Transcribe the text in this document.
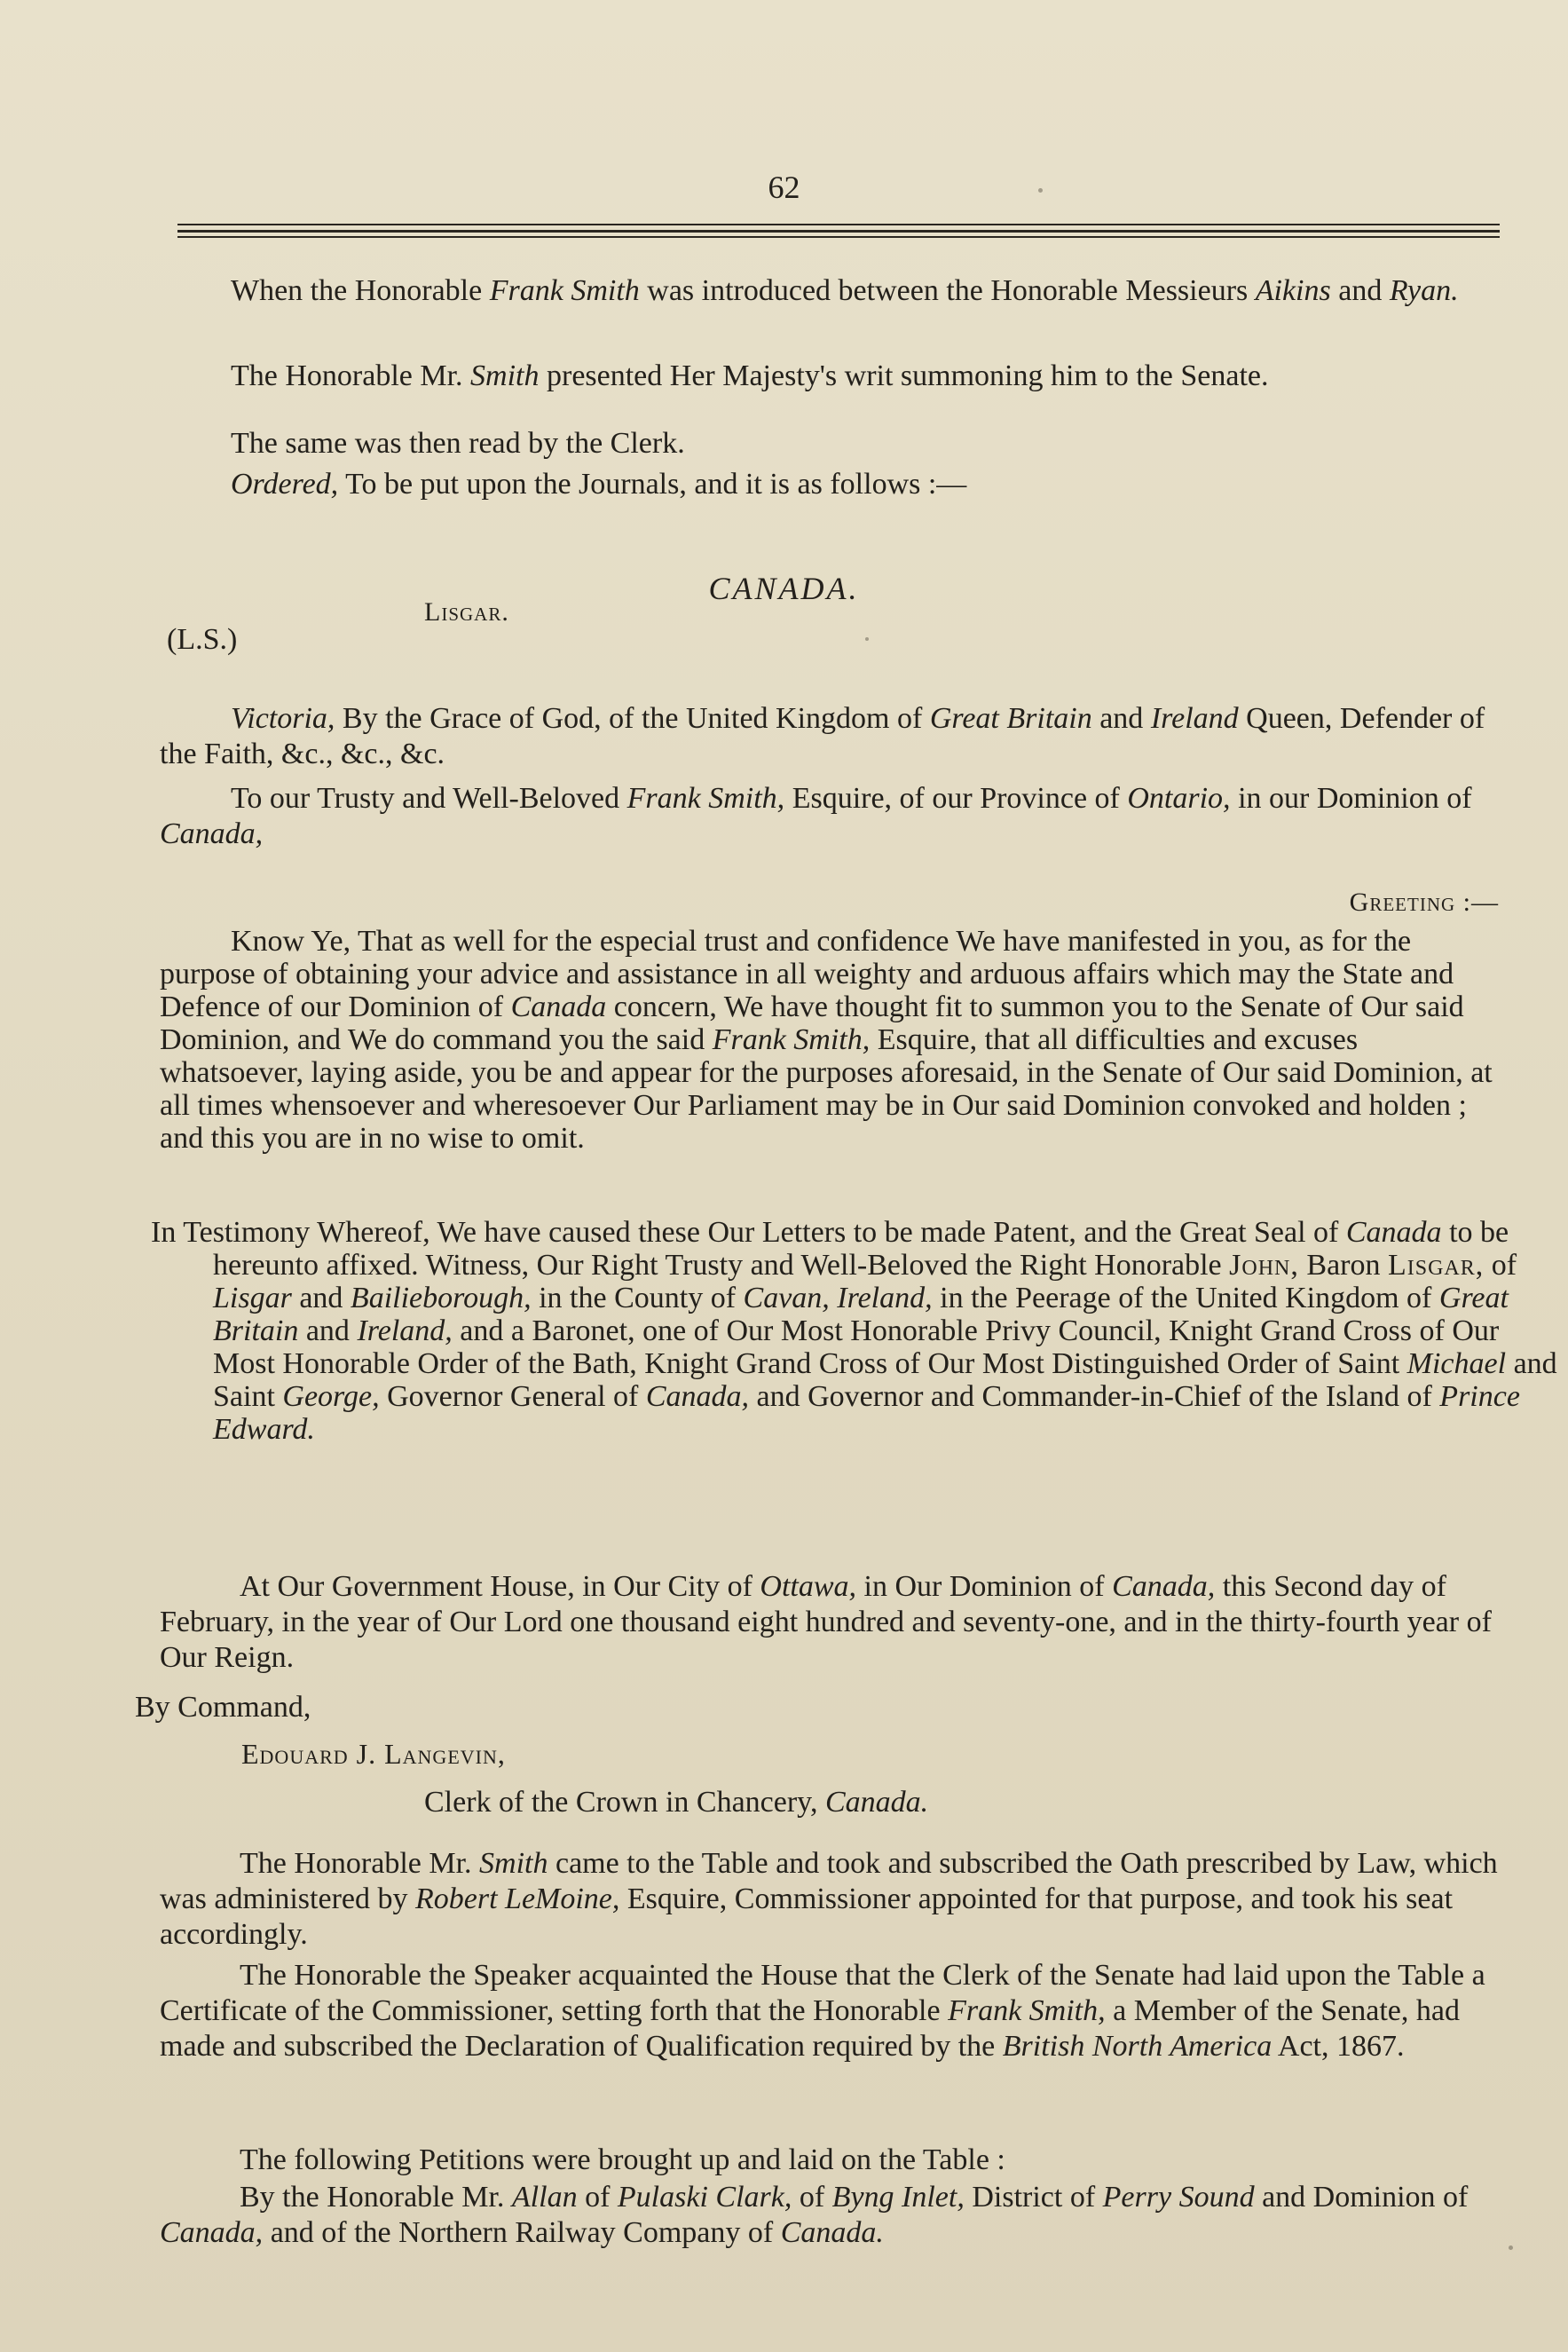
62

When the Honorable Frank Smith was introduced between the Honorable Messieurs Aikins and Ryan.

The Honorable Mr. Smith presented Her Majesty's writ summoning him to the Senate.

The same was then read by the Clerk.

Ordered, To be put upon the Journals, and it is as follows :—

CANADA.
Lisgar.
(L.S.)

Victoria, By the Grace of God, of the United Kingdom of Great Britain and Ireland Queen, Defender of the Faith, &c., &c., &c.

To our Trusty and Well-Beloved Frank Smith, Esquire, of our Province of Ontario, in our Dominion of Canada,

Greeting :—

Know Ye, That as well for the especial trust and confidence We have manifested in you, as for the purpose of obtaining your advice and assistance in all weighty and arduous affairs which may the State and Defence of our Dominion of Canada concern, We have thought fit to summon you to the Senate of Our said Dominion, and We do command you the said Frank Smith, Esquire, that all difficulties and excuses whatsoever, laying aside, you be and appear for the purposes aforesaid, in the Senate of Our said Dominion, at all times whensoever and wheresoever Our Parliament may be in Our said Dominion convoked and holden ; and this you are in no wise to omit.

In Testimony Whereof, We have caused these Our Letters to be made Patent, and the Great Seal of Canada to be hereunto affixed. Witness, Our Right Trusty and Well-Beloved the Right Honorable John, Baron Lisgar, of Lisgar and Bailieborough, in the County of Cavan, Ireland, in the Peerage of the United Kingdom of Great Britain and Ireland, and a Baronet, one of Our Most Honorable Privy Council, Knight Grand Cross of Our Most Honorable Order of the Bath, Knight Grand Cross of Our Most Distinguished Order of Saint Michael and Saint George, Governor General of Canada, and Governor and Commander-in-Chief of the Island of Prince Edward.

At Our Government House, in Our City of Ottawa, in Our Dominion of Canada, this Second day of February, in the year of Our Lord one thousand eight hundred and seventy-one, and in the thirty-fourth year of Our Reign.

By Command,
Edouard J. Langevin,
Clerk of the Crown in Chancery, Canada.

The Honorable Mr. Smith came to the Table and took and subscribed the Oath prescribed by Law, which was administered by Robert LeMoine, Esquire, Commissioner appointed for that purpose, and took his seat accordingly.

The Honorable the Speaker acquainted the House that the Clerk of the Senate had laid upon the Table a Certificate of the Commissioner, setting forth that the Honorable Frank Smith, a Member of the Senate, had made and subscribed the Declaration of Qualification required by the British North America Act, 1867.

The following Petitions were brought up and laid on the Table :

By the Honorable Mr. Allan of Pulaski Clark, of Byng Inlet, District of Perry Sound and Dominion of Canada, and of the Northern Railway Company of Canada.
